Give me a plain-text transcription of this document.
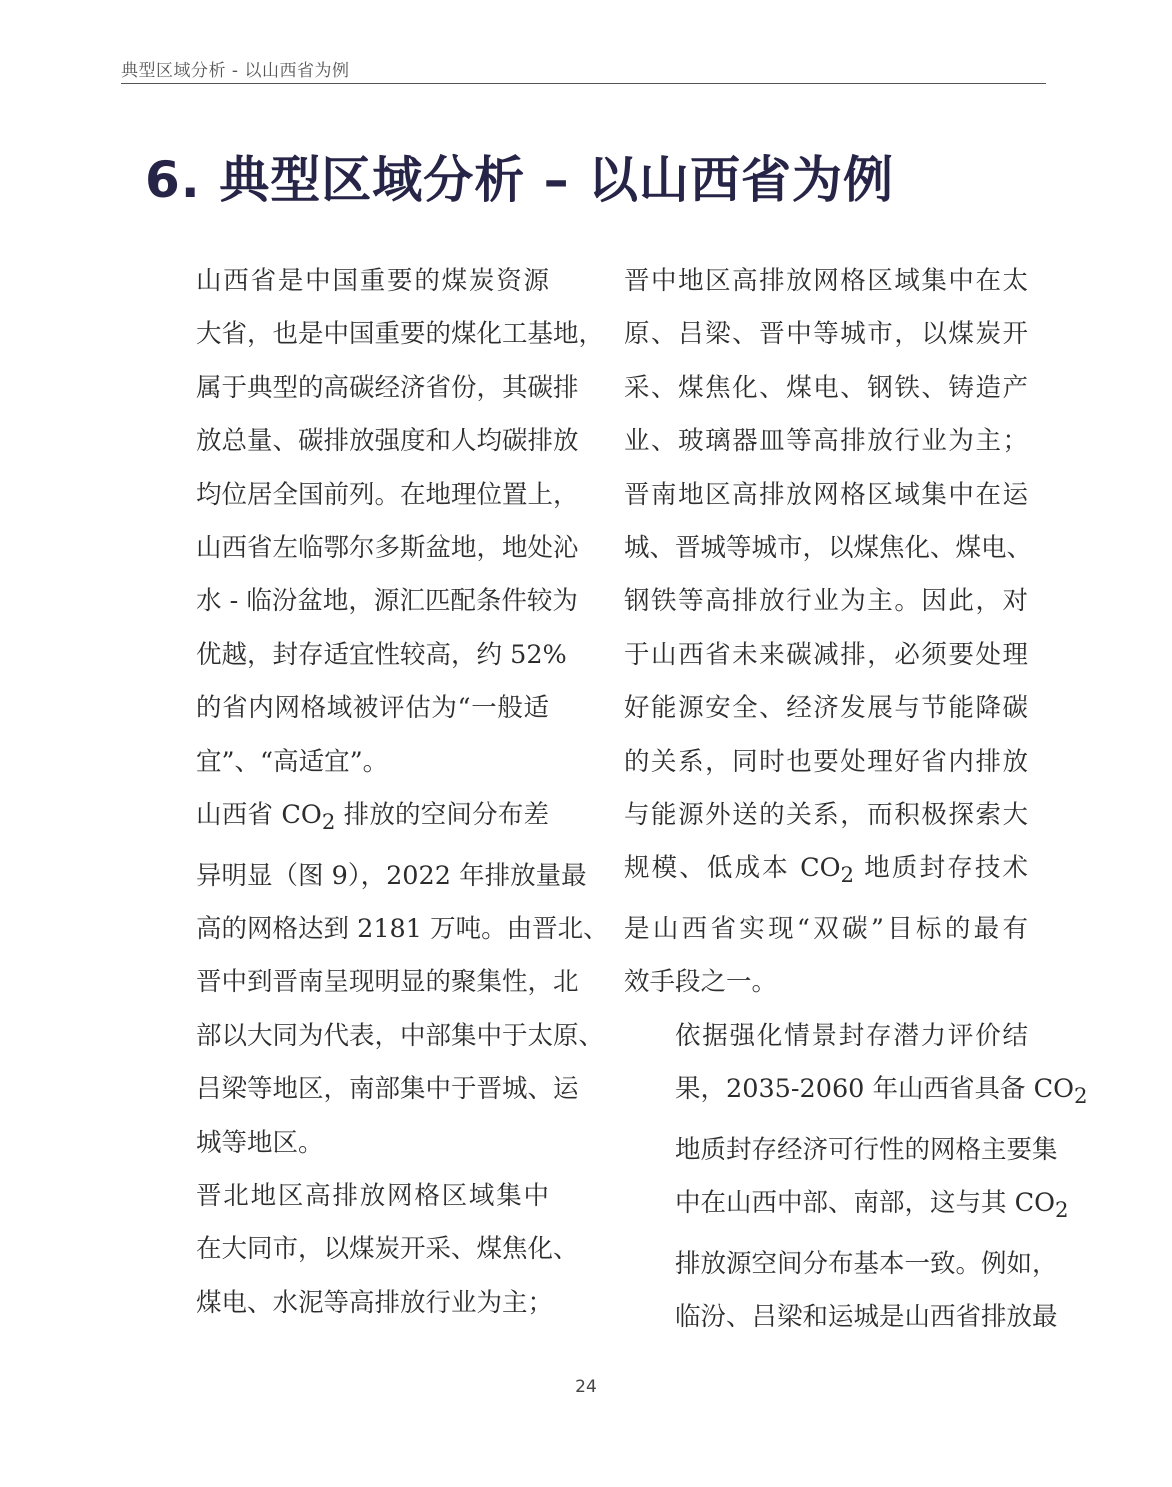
典型区域分析 - 以山西省为例
6. 典型区域分析 – 以山西省为例

山西省是中国重要的煤炭资源
大省，也是中国重要的煤化工基地，
属于典型的高碳经济省份，其碳排
放总量、碳排放强度和人均碳排放
均位居全国前列。在地理位置上，
山西省左临鄂尔多斯盆地，地处沁
水 - 临汾盆地，源汇匹配条件较为
优越，封存适宜性较高，约 52%
的省内网格域被评估为“一般适
宜”、“高适宜”。

山西省 $CO_2$ 排放的空间分布差
异明显（图 9），2022 年排放量最
高的网格达到 2181 万吨。由晋北、
晋中到晋南呈现明显的聚集性，北
部以大同为代表，中部集中于太原、
吕梁等地区，南部集中于晋城、运
城等地区。

晋北地区高排放网格区域集中
在大同市，以煤炭开采、煤焦化、
煤电、水泥等高排放行业为主；

晋中地区高排放网格区域集中在太
原、吕梁、晋中等城市，以煤炭开
采、煤焦化、煤电、钢铁、铸造产
业、玻璃器皿等高排放行业为主；
晋南地区高排放网格区域集中在运
城、晋城等城市，以煤焦化、煤电、
钢铁等高排放行业为主。因此，对
于山西省未来碳减排，必须要处理
好能源安全、经济发展与节能降碳
的关系，同时也要处理好省内排放
与能源外送的关系，而积极探索大
规模、低成本 $CO_2$ 地质封存技术
是山西省实现“双碳”目标的最有
效手段之一。

依据强化情景封存潜力评价结
果，2035-2060 年山西省具备 $CO_2$
地质封存经济可行性的网格主要集
中在山西中部、南部，这与其 $CO_2$
排放源空间分布基本一致。例如，
临汾、吕梁和运城是山西省排放最

24
